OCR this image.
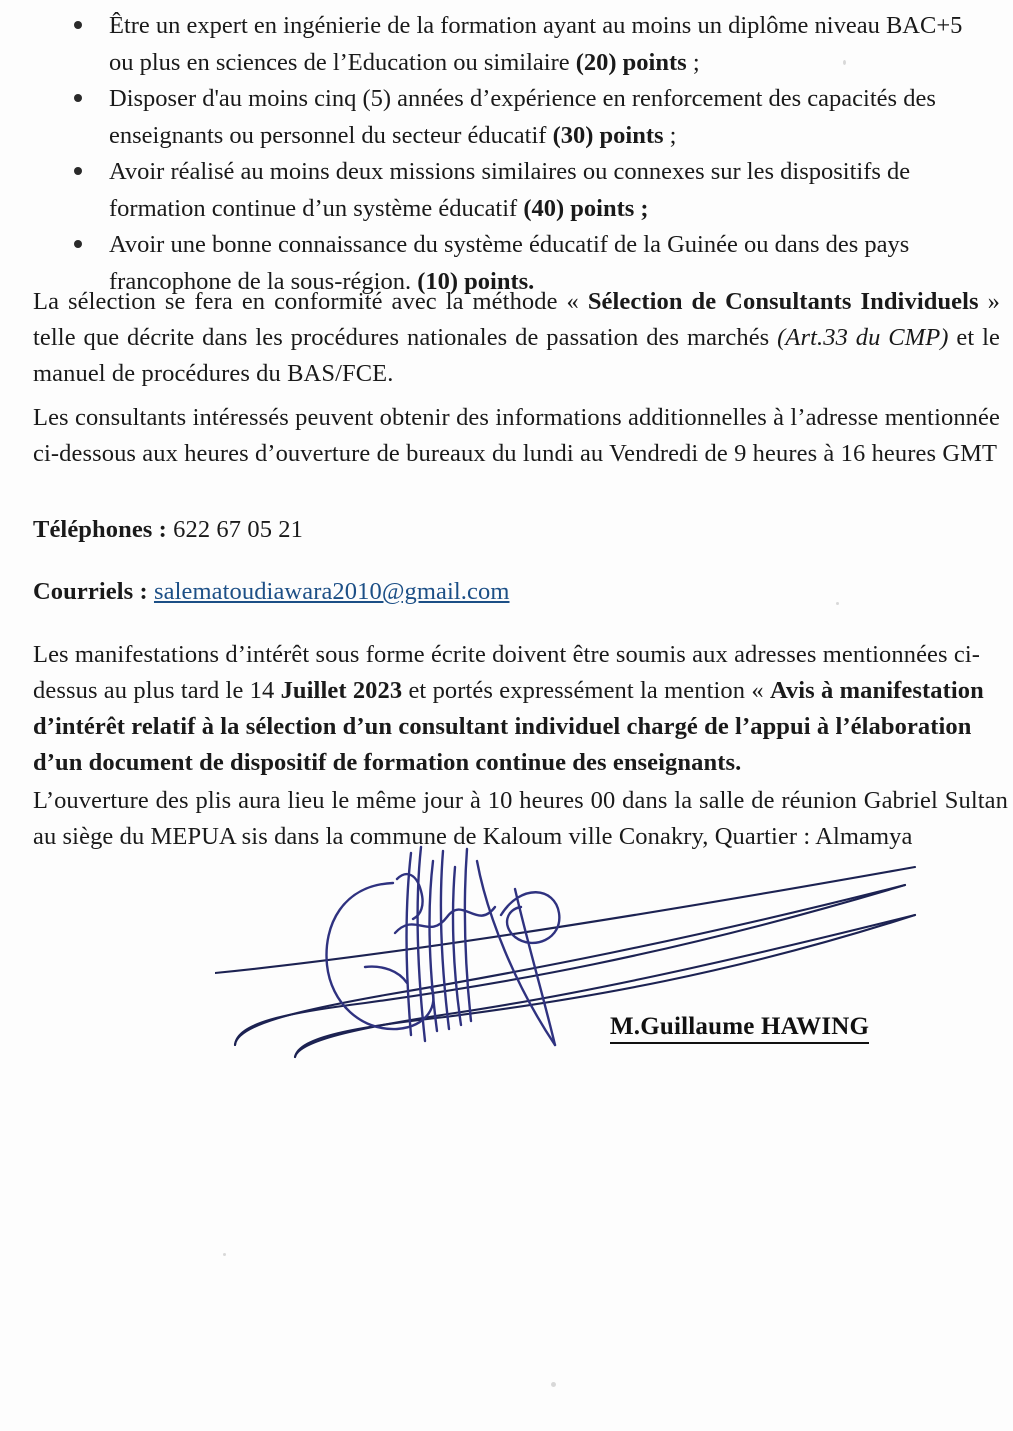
Être un expert en ingénierie de la formation ayant au moins un diplôme niveau BAC+5
ou plus en sciences de l’Education ou similaire (20) points ;
Disposer d'au moins cinq (5) années d’expérience en renforcement des capacités des
enseignants ou personnel du secteur éducatif (30) points ;
Avoir réalisé au moins deux missions similaires ou connexes sur les dispositifs de
formation continue d’un système éducatif (40) points ;
Avoir une bonne connaissance du système éducatif de la Guinée ou dans des pays
francophone de la sous-région. (10) points.
La sélection se fera en conformité avec la méthode « Sélection de Consultants Individuels » telle que décrite dans les procédures nationales de passation des marchés (Art.33 du CMP) et le manuel de procédures du BAS/FCE.
Les consultants intéressés peuvent obtenir des informations additionnelles à l’adresse mentionnée ci-dessous aux heures d’ouverture de bureaux du lundi au Vendredi de 9 heures à 16 heures GMT
Téléphones : 622 67 05 21
Courriels : salematoudiawara2010@gmail.com
Les manifestations d’intérêt sous forme écrite doivent être soumis aux adresses mentionnées ci-dessus au plus tard le 14 Juillet 2023 et portés expressément la mention « Avis à manifestation d’intérêt relatif à la sélection d’un consultant individuel chargé de l’appui à l’élaboration d’un document de dispositif de formation continue des enseignants.
L’ouverture des plis aura lieu le même jour à 10 heures 00 dans la salle de réunion Gabriel Sultan au siège du MEPUA sis dans la commune de Kaloum ville Conakry, Quartier : Almamya
M.Guillaume HAWING
